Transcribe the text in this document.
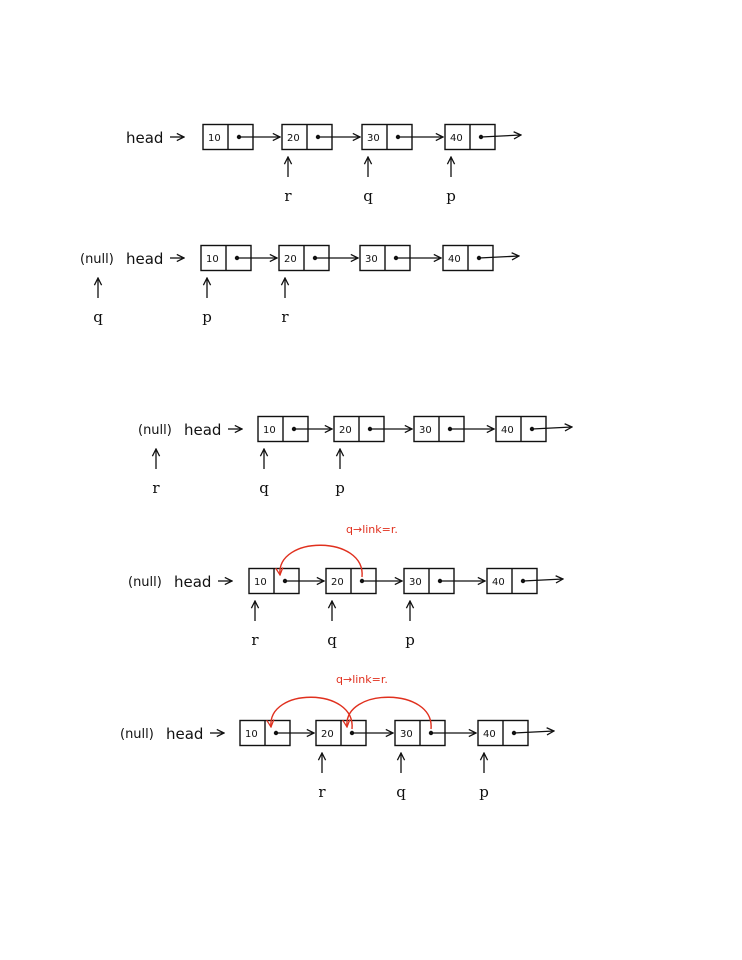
head	10	20	30	40
r	q	p
(null) head	10	20	30	40
q	p	r
(null) head	10	20	30	40
r	q	p
(null) head	10	20	30	40
q→link=r.
r	q	p
(null) head	10	20	30	40
q→link=r.
r	q	p
